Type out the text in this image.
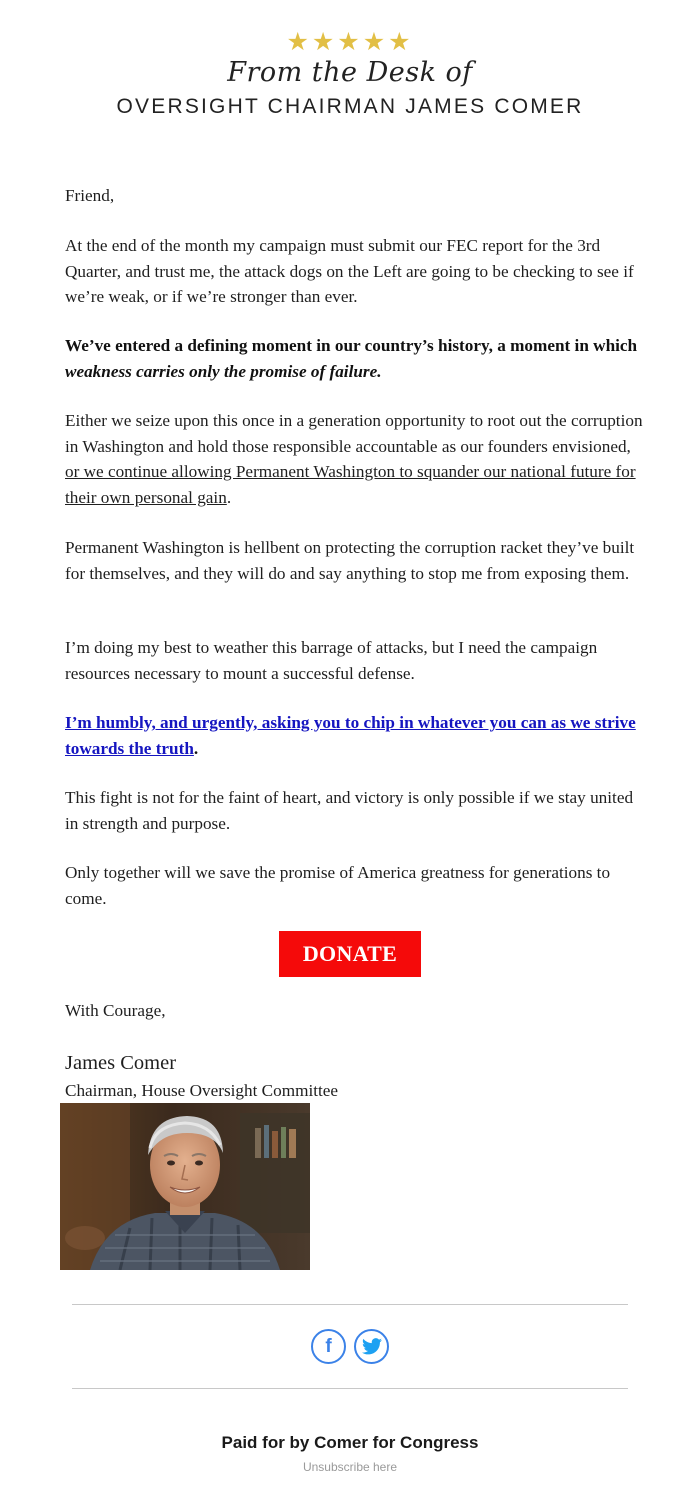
★★★★★
From the Desk of
OVERSIGHT CHAIRMAN JAMES COMER
Friend,
At the end of the month my campaign must submit our FEC report for the 3rd Quarter, and trust me, the attack dogs on the Left are going to be checking to see if we’re weak, or if we’re stronger than ever.
We’ve entered a defining moment in our country’s history, a moment in which weakness carries only the promise of failure.
Either we seize upon this once in a generation opportunity to root out the corruption in Washington and hold those responsible accountable as our founders envisioned, or we continue allowing Permanent Washington to squander our national future for their own personal gain.
Permanent Washington is hellbent on protecting the corruption racket they’ve built for themselves, and they will do and say anything to stop me from exposing them.
I’m doing my best to weather this barrage of attacks, but I need the campaign resources necessary to mount a successful defense.
I’m humbly, and urgently, asking you to chip in whatever you can as we strive towards the truth.
This fight is not for the faint of heart, and victory is only possible if we stay united in strength and purpose.
Only together will we save the promise of America greatness for generations to come.
DONATE
With Courage,
James Comer
Chairman, House Oversight Committee
f
Paid for by Comer for Congress
Unsubscribe here
